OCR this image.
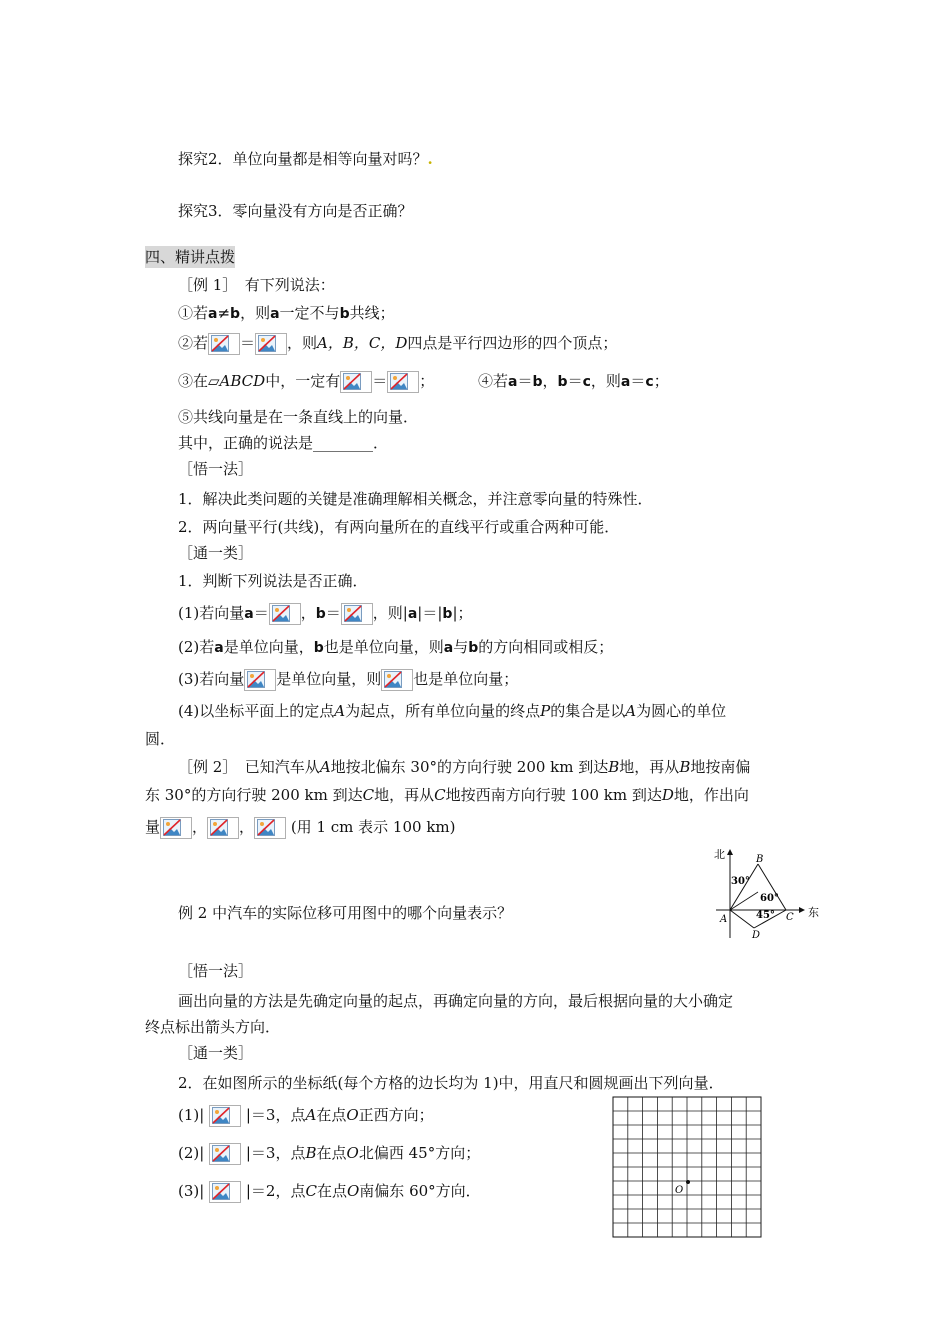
探究2．单位向量都是相等向量对吗？.
探究3．零向量没有方向是否正确？
四、精讲点拨
［例 1］　有下列说法：
①若a≠b，则a一定不与b共线；
②若 ＝ ，则A，B，C，D四点是平行四边形的四个顶点；
③在▱ABCD中，一定有 ＝ ；	④若a＝b，b＝c，则a＝c；
⑤共线向量是在一条直线上的向量．
其中，正确的说法是________．
［悟一法］
1．解决此类问题的关键是准确理解相关概念，并注意零向量的特殊性．
2．两向量平行(共线)，有两向量所在的直线平行或重合两种可能．
［通一类］
1．判断下列说法是否正确．
(1)若向量a＝ ，b＝ ，则|a|＝|b|；
(2)若a是单位向量，b也是单位向量，则a与b的方向相同或相反；
(3)若向量 是单位向量，则 也是单位向量；
(4)以坐标平面上的定点A为起点，所有单位向量的终点P的集合是以A为圆心的单位
圆．
［例 2］　已知汽车从A地按北偏东 30°的方向行驶 200 km 到达B地，再从B地按南偏
东 30°的方向行驶 200 km 到达C地，再从C地按西南方向行驶 100 km 到达D地，作出向
量 ， ， (用 1 cm 表示 100 km)
北
东
A
B
C
D
30°
60°
45°
例 2 中汽车的实际位移可用图中的哪个向量表示？
［悟一法］
画出向量的方法是先确定向量的起点，再确定向量的方向，最后根据向量的大小确定
终点标出箭头方向．
［通一类］
2．在如图所示的坐标纸(每个方格的边长均为 1)中，用直尺和圆规画出下列向量．
(1)|	|＝3，点A在点O正西方向；
(2)|	|＝3，点B在点O北偏西 45°方向；
(3)|	|＝2，点C在点O南偏东 60°方向．	O
